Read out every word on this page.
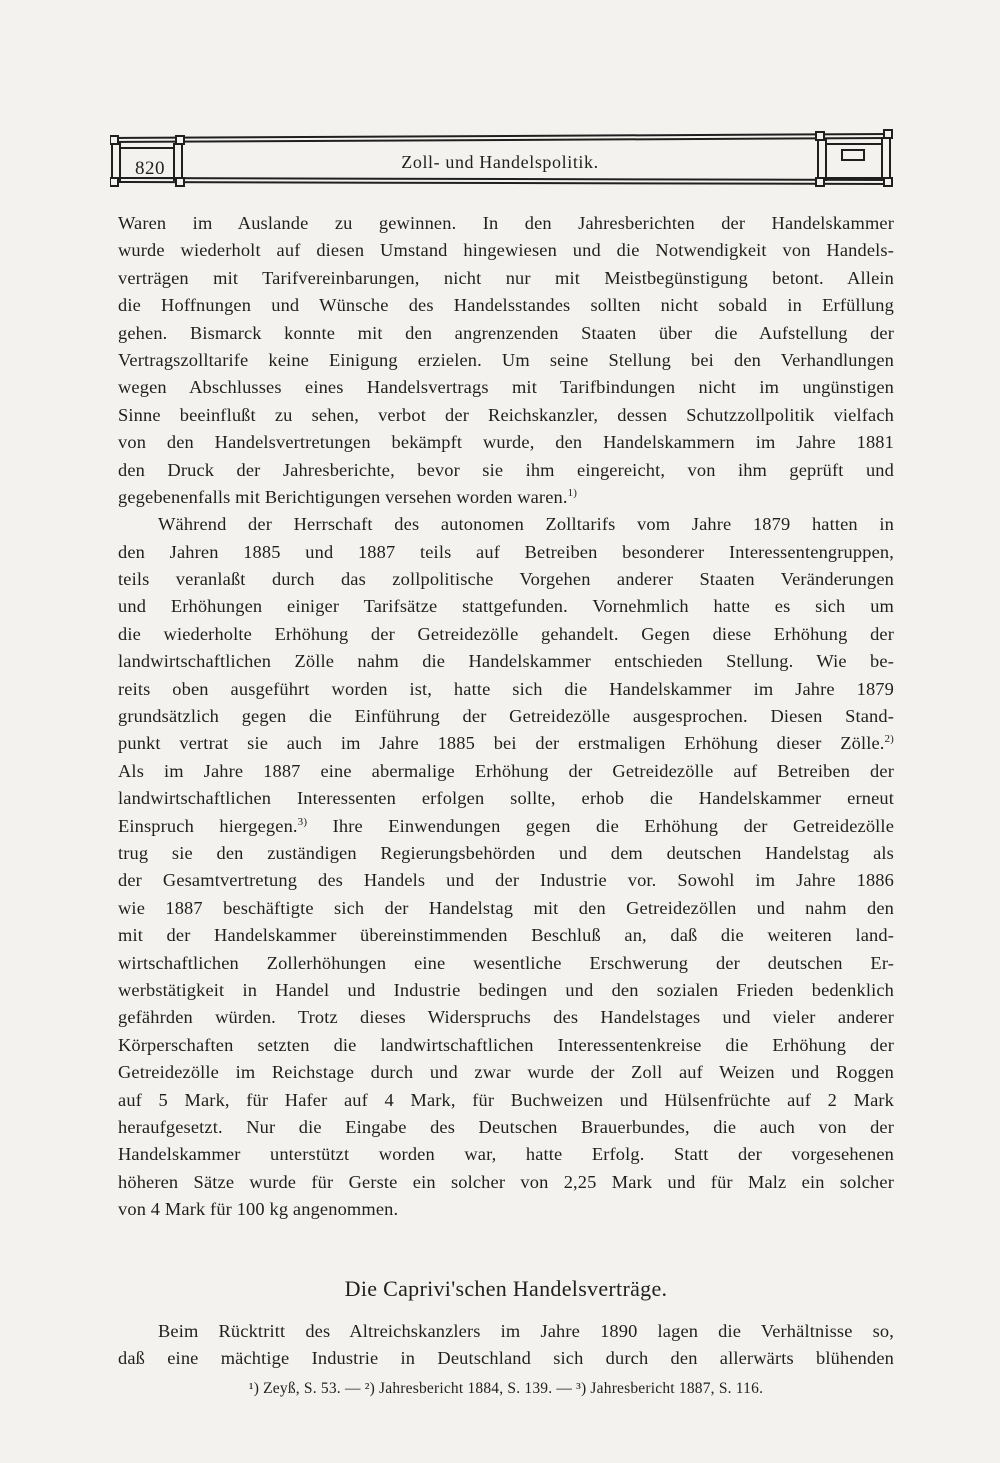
820	Zoll- und Handelspolitik.
Waren im Auslande zu gewinnen. In den Jahresberichten der Handelskammer
wurde wiederholt auf diesen Umstand hingewiesen und die Notwendigkeit von Handels-
verträgen mit Tarifvereinbarungen, nicht nur mit Meistbegünstigung betont. Allein
die Hoffnungen und Wünsche des Handelsstandes sollten nicht sobald in Erfüllung
gehen. Bismarck konnte mit den angrenzenden Staaten über die Aufstellung der
Vertragszolltarife keine Einigung erzielen. Um seine Stellung bei den Verhandlungen
wegen Abschlusses eines Handelsvertrags mit Tarifbindungen nicht im ungünstigen
Sinne beeinflußt zu sehen, verbot der Reichskanzler, dessen Schutzzollpolitik vielfach
von den Handelsvertretungen bekämpft wurde, den Handelskammern im Jahre 1881
den Druck der Jahresberichte, bevor sie ihm eingereicht, von ihm geprüft und
gegebenenfalls mit Berichtigungen versehen worden waren.$^{1)}$
Während der Herrschaft des autonomen Zolltarifs vom Jahre 1879 hatten in
den Jahren 1885 und 1887 teils auf Betreiben besonderer Interessentengruppen,
teils veranlaßt durch das zollpolitische Vorgehen anderer Staaten Veränderungen
und Erhöhungen einiger Tarifsätze stattgefunden. Vornehmlich hatte es sich um
die wiederholte Erhöhung der Getreidezölle gehandelt. Gegen diese Erhöhung der
landwirtschaftlichen Zölle nahm die Handelskammer entschieden Stellung. Wie be-
reits oben ausgeführt worden ist, hatte sich die Handelskammer im Jahre 1879
grundsätzlich gegen die Einführung der Getreidezölle ausgesprochen. Diesen Stand-
punkt vertrat sie auch im Jahre 1885 bei der erstmaligen Erhöhung dieser Zölle.$^{2)}$
Als im Jahre 1887 eine abermalige Erhöhung der Getreidezölle auf Betreiben der
landwirtschaftlichen Interessenten erfolgen sollte, erhob die Handelskammer erneut
Einspruch hiergegen.$^{3)}$ Ihre Einwendungen gegen die Erhöhung der Getreidezölle
trug sie den zuständigen Regierungsbehörden und dem deutschen Handelstag als
der Gesamtvertretung des Handels und der Industrie vor. Sowohl im Jahre 1886
wie 1887 beschäftigte sich der Handelstag mit den Getreidezöllen und nahm den
mit der Handelskammer übereinstimmenden Beschluß an, daß die weiteren land-
wirtschaftlichen Zollerhöhungen eine wesentliche Erschwerung der deutschen Er-
werbstätigkeit in Handel und Industrie bedingen und den sozialen Frieden bedenklich
gefährden würden. Trotz dieses Widerspruchs des Handelstages und vieler anderer
Körperschaften setzten die landwirtschaftlichen Interessentenkreise die Erhöhung der
Getreidezölle im Reichstage durch und zwar wurde der Zoll auf Weizen und Roggen
auf 5 Mark, für Hafer auf 4 Mark, für Buchweizen und Hülsenfrüchte auf 2 Mark
heraufgesetzt. Nur die Eingabe des Deutschen Brauerbundes, die auch von der
Handelskammer unterstützt worden war, hatte Erfolg. Statt der vorgesehenen
höheren Sätze wurde für Gerste ein solcher von 2,25 Mark und für Malz ein solcher
von 4 Mark für 100 kg angenommen.
Die Caprivi'schen Handelsverträge.
Beim Rücktritt des Altreichskanzlers im Jahre 1890 lagen die Verhältnisse so,
daß eine mächtige Industrie in Deutschland sich durch den allerwärts blühenden
¹) Zeyß, S. 53. — ²) Jahresbericht 1884, S. 139. — ³) Jahresbericht 1887, S. 116.
